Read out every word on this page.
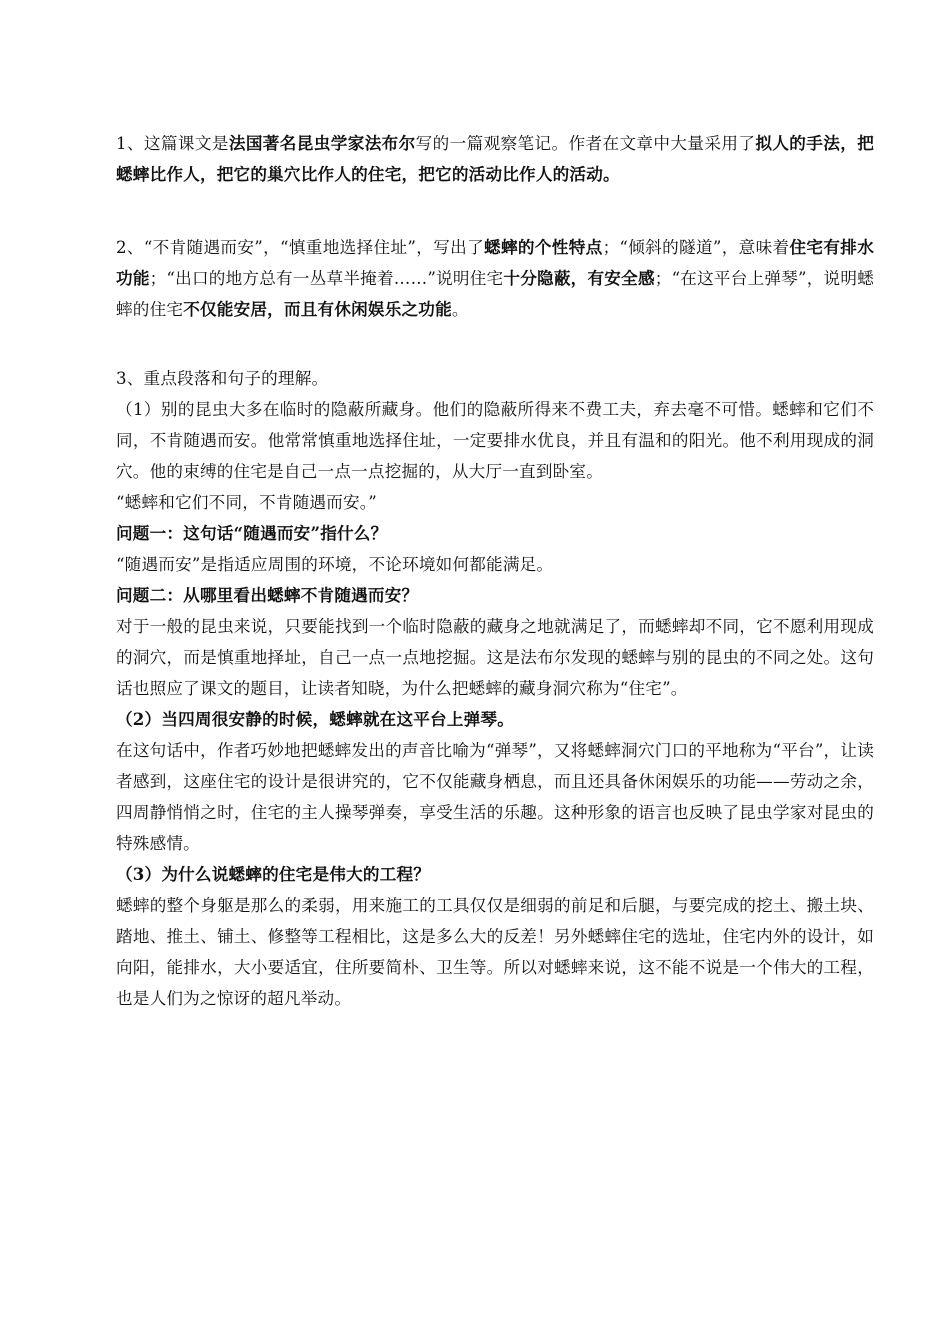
1、这篇课文是法国著名昆虫学家法布尔写的一篇观察笔记。作者在文章中大量采用了拟人的手法，把蟋蟀比作人，把它的巢穴比作人的住宅，把它的活动比作人的活动。

2、“不肯随遇而安”，“慎重地选择住址”，写出了蟋蟀的个性特点；“倾斜的隧道”，意味着住宅有排水功能；“出口的地方总有一丛草半掩着……”说明住宅十分隐蔽，有安全感；“在这平台上弹琴”，说明蟋蟀的住宅不仅能安居，而且有休闲娱乐之功能。

3、重点段落和句子的理解。

（1）别的昆虫大多在临时的隐蔽所藏身。他们的隐蔽所得来不费工夫，弃去毫不可惜。蟋蟀和它们不同，不肯随遇而安。他常常慎重地选择住址，一定要排水优良，并且有温和的阳光。他不利用现成的洞穴。他的束缚的住宅是自己一点一点挖掘的，从大厅一直到卧室。

“蟋蟀和它们不同，不肯随遇而安。”

问题一：这句话“随遇而安”指什么？

“随遇而安”是指适应周围的环境，不论环境如何都能满足。

问题二：从哪里看出蟋蟀不肯随遇而安？

对于一般的昆虫来说，只要能找到一个临时隐蔽的藏身之地就满足了，而蟋蟀却不同，它不愿利用现成的洞穴，而是慎重地择址，自己一点一点地挖掘。这是法布尔发现的蟋蟀与别的昆虫的不同之处。这句话也照应了课文的题目，让读者知晓，为什么把蟋蟀的藏身洞穴称为“住宅”。

（2）当四周很安静的时候，蟋蟀就在这平台上弹琴。

在这句话中，作者巧妙地把蟋蟀发出的声音比喻为“弹琴”，又将蟋蟀洞穴门口的平地称为“平台”，让读者感到，这座住宅的设计是很讲究的，它不仅能藏身栖息，而且还具备休闲娱乐的功能——劳动之余，四周静悄悄之时，住宅的主人操琴弹奏，享受生活的乐趣。这种形象的语言也反映了昆虫学家对昆虫的特殊感情。

（3）为什么说蟋蟀的住宅是伟大的工程？

蟋蟀的整个身躯是那么的柔弱，用来施工的工具仅仅是细弱的前足和后腿，与要完成的挖土、搬土块、踏地、推土、铺土、修整等工程相比，这是多么大的反差！另外蟋蟀住宅的选址，住宅内外的设计，如向阳，能排水，大小要适宜，住所要简朴、卫生等。所以对蟋蟀来说，这不能不说是一个伟大的工程，也是人们为之惊讶的超凡举动。
